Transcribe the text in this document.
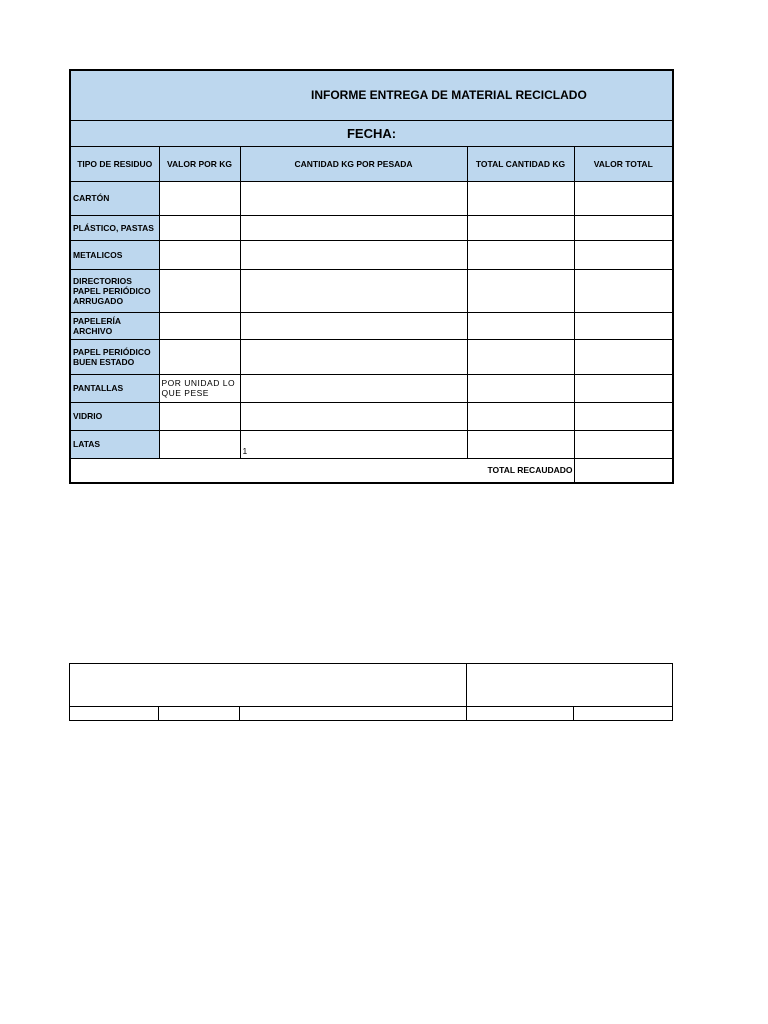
INFORME ENTREGA DE MATERIAL RECICLADO				
FECHA:				
TIPO DE RESIDUO	VALOR POR KG	CANTIDAD KG POR PESADA	TOTAL CANTIDAD KG	VALOR TOTAL
CARTÓN				
PLÁSTICO, PASTAS				
METALICOS				
DIRECTORIOS PAPEL PERIÓDICO ARRUGADO				
PAPELERÍA ARCHIVO				
PAPEL PERIÓDICO BUEN ESTADO				
PANTALLAS	POR UNIDAD LO QUE PESE			
VIDRIO				
LATAS		1		
TOTAL RECAUDADO				
